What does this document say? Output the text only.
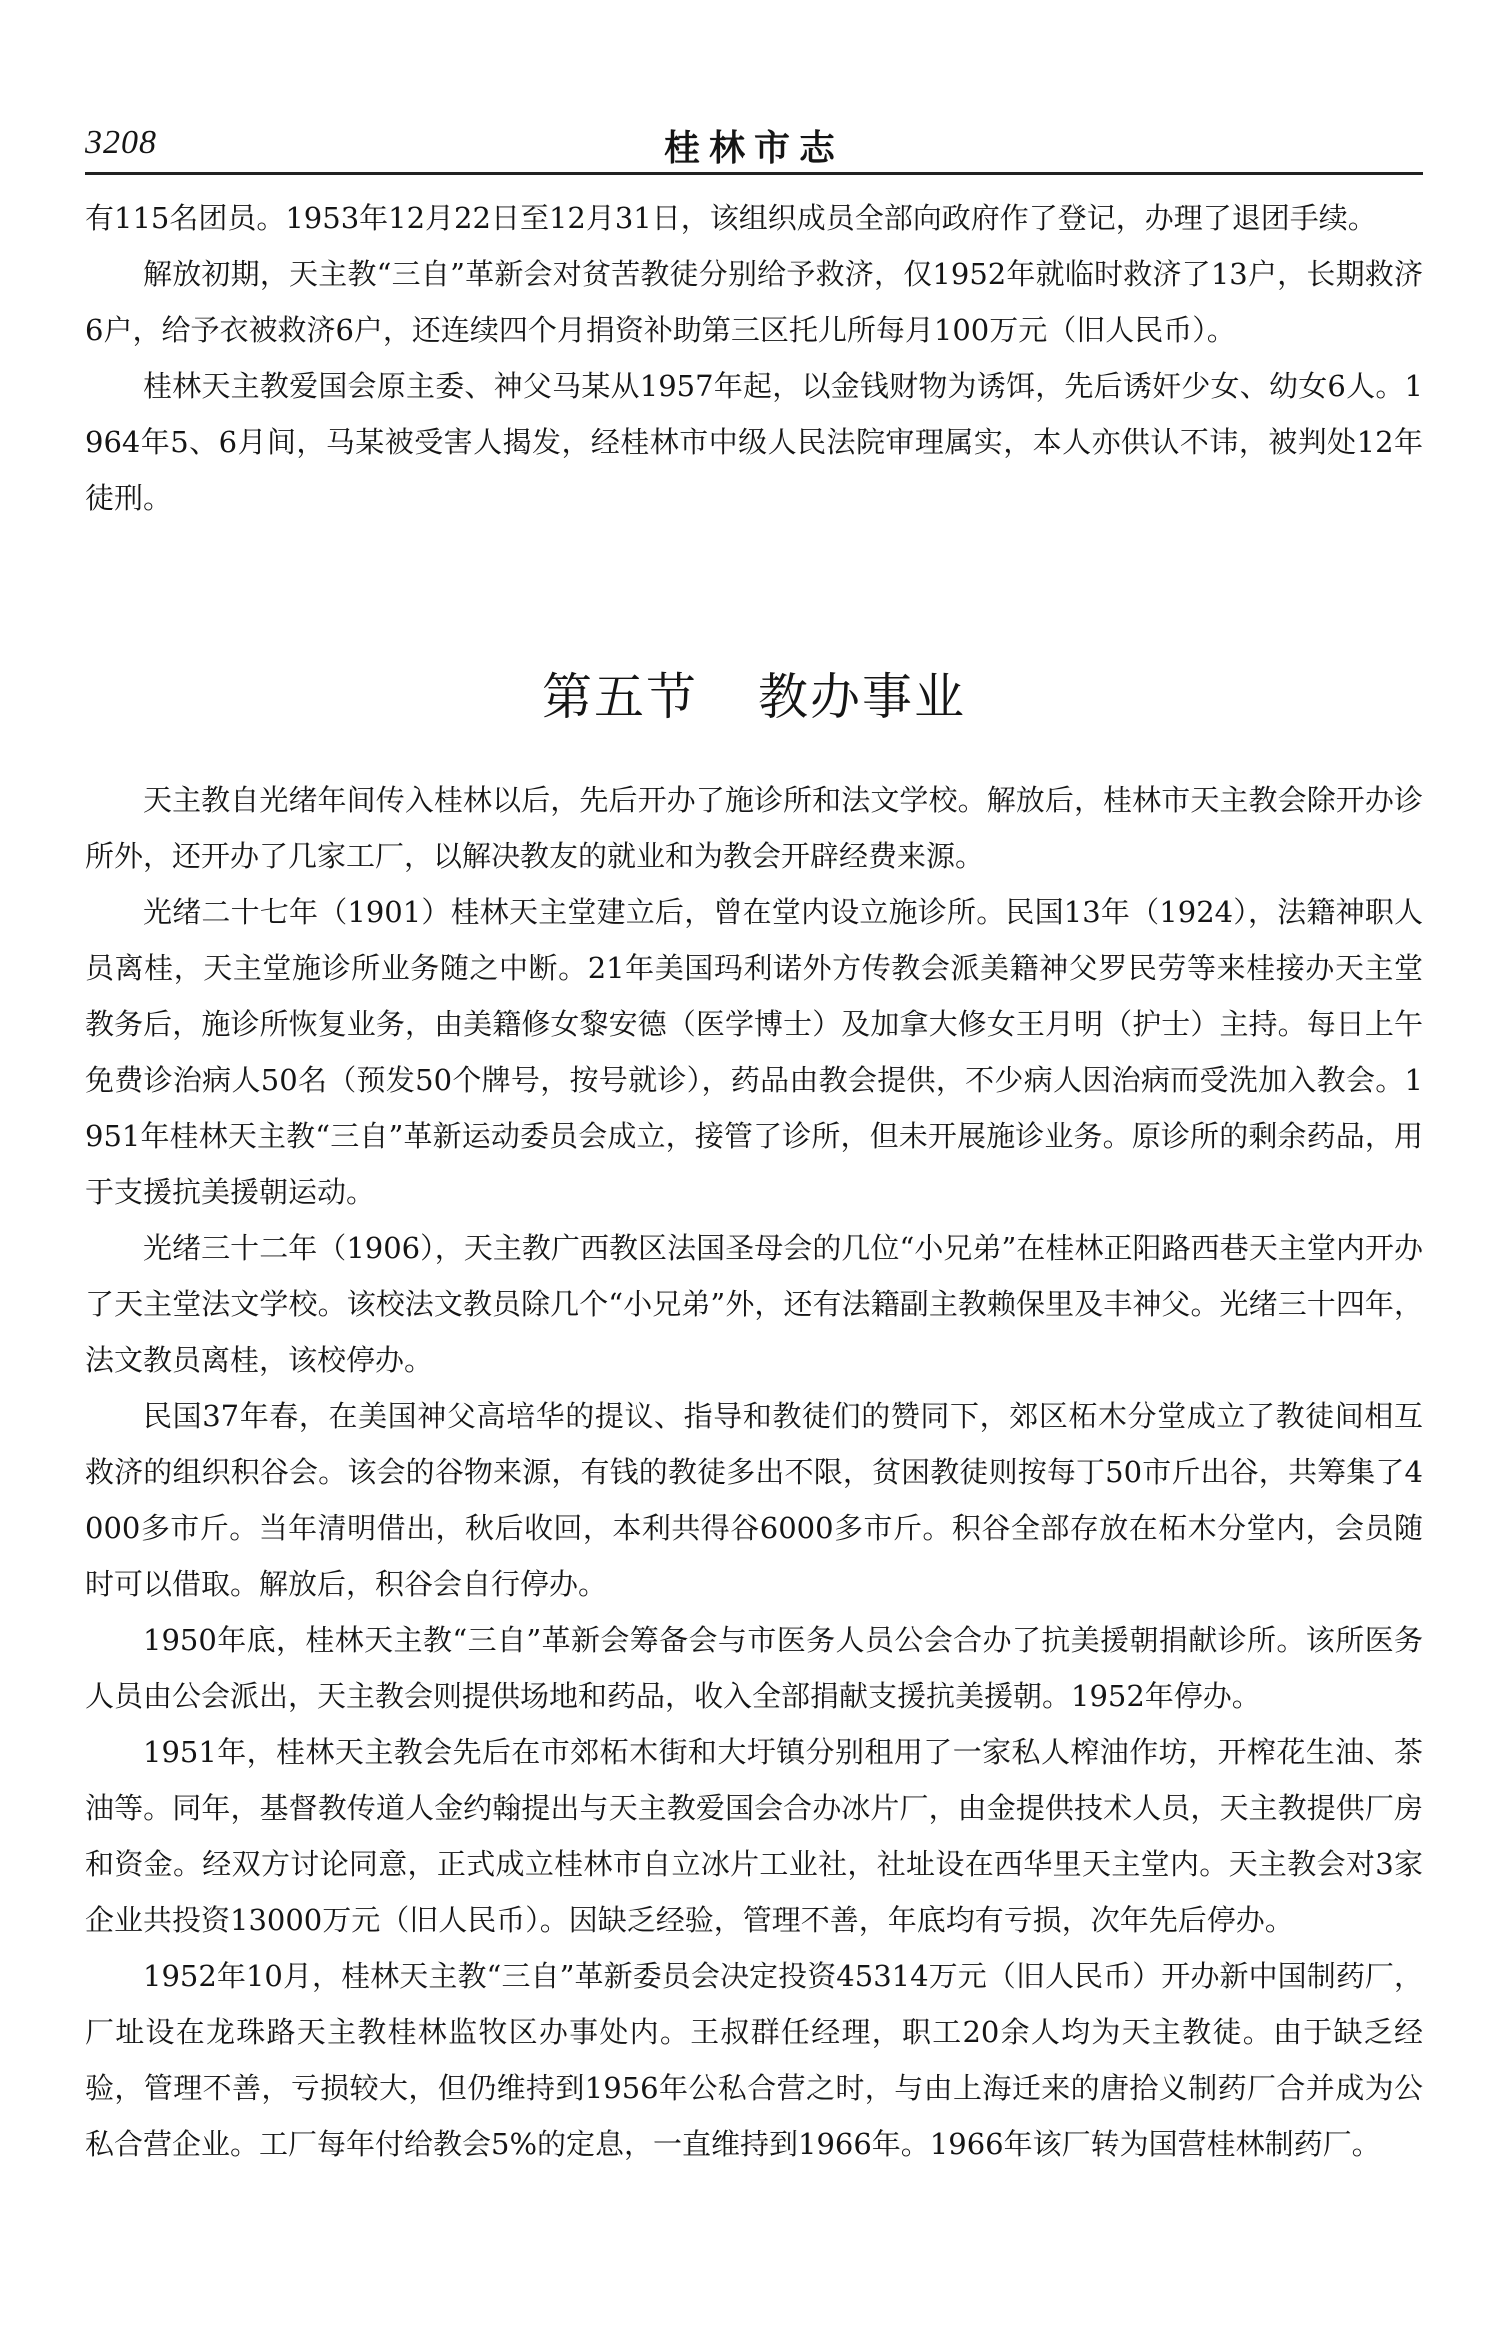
3208	桂林市志

有115名团员。1953年12月22日至12月31日，该组织成员全部向政府作了登记，办理了退团手续。

解放初期，天主教“三自”革新会对贫苦教徒分别给予救济，仅1952年就临时救济了13户，长期救济6户，给予衣被救济6户，还连续四个月捐资补助第三区托儿所每月100万元（旧人民币）。

桂林天主教爱国会原主委、神父马某从1957年起，以金钱财物为诱饵，先后诱奸少女、幼女6人。1964年5、6月间，马某被受害人揭发，经桂林市中级人民法院审理属实，本人亦供认不讳，被判处12年徒刑。

第五节 教办事业

天主教自光绪年间传入桂林以后，先后开办了施诊所和法文学校。解放后，桂林市天主教会除开办诊所外，还开办了几家工厂，以解决教友的就业和为教会开辟经费来源。

光绪二十七年（1901）桂林天主堂建立后，曾在堂内设立施诊所。民国13年（1924），法籍神职人员离桂，天主堂施诊所业务随之中断。21年美国玛利诺外方传教会派美籍神父罗民劳等来桂接办天主堂教务后，施诊所恢复业务，由美籍修女黎安德（医学博士）及加拿大修女王月明（护士）主持。每日上午免费诊治病人50名（预发50个牌号，按号就诊），药品由教会提供，不少病人因治病而受洗加入教会。1951年桂林天主教“三自”革新运动委员会成立，接管了诊所，但未开展施诊业务。原诊所的剩余药品，用于支援抗美援朝运动。

光绪三十二年（1906），天主教广西教区法国圣母会的几位“小兄弟”在桂林正阳路西巷天主堂内开办了天主堂法文学校。该校法文教员除几个“小兄弟”外，还有法籍副主教赖保里及丰神父。光绪三十四年，法文教员离桂，该校停办。

民国37年春，在美国神父高培华的提议、指导和教徒们的赞同下，郊区柘木分堂成立了教徒间相互救济的组织积谷会。该会的谷物来源，有钱的教徒多出不限，贫困教徒则按每丁50市斤出谷，共筹集了4000多市斤。当年清明借出，秋后收回，本利共得谷6000多市斤。积谷全部存放在柘木分堂内，会员随时可以借取。解放后，积谷会自行停办。

1950年底，桂林天主教“三自”革新会筹备会与市医务人员公会合办了抗美援朝捐献诊所。该所医务人员由公会派出，天主教会则提供场地和药品，收入全部捐献支援抗美援朝。1952年停办。

1951年，桂林天主教会先后在市郊柘木街和大圩镇分别租用了一家私人榨油作坊，开榨花生油、茶油等。同年，基督教传道人金约翰提出与天主教爱国会合办冰片厂，由金提供技术人员，天主教提供厂房和资金。经双方讨论同意，正式成立桂林市自立冰片工业社，社址设在西华里天主堂内。天主教会对3家企业共投资13000万元（旧人民币）。因缺乏经验，管理不善，年底均有亏损，次年先后停办。

1952年10月，桂林天主教“三自”革新委员会决定投资45314万元（旧人民币）开办新中国制药厂，厂址设在龙珠路天主教桂林监牧区办事处内。王叔群任经理，职工20余人均为天主教徒。由于缺乏经验，管理不善，亏损较大，但仍维持到1956年公私合营之时，与由上海迁来的唐拾义制药厂合并成为公私合营企业。工厂每年付给教会5%的定息，一直维持到1966年。1966年该厂转为国营桂林制药厂。
